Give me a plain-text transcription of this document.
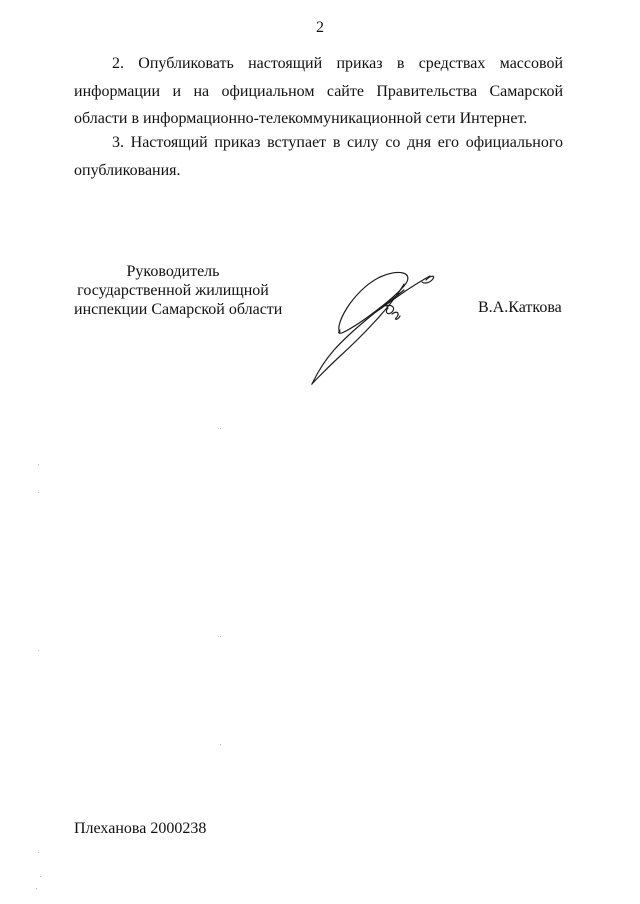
2

2. Опубликовать настоящий приказ в средствах массовой информации и на официальном сайте Правительства Самарской области в информационно-телекоммуникационной сети Интернет.

3. Настоящий приказ вступает в силу со дня его официального опубликования.

Руководитель
государственной жилищной
инспекции Самарской области	В.А.Каткова
Плеханова 2000238
